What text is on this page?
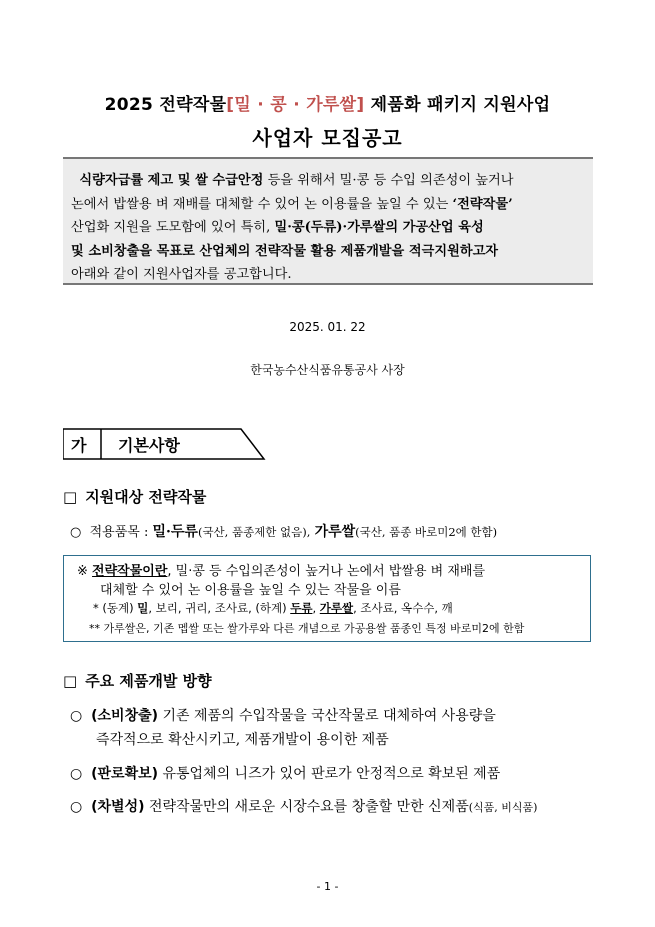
2025 전략작물[밀 · 콩 · 가루쌀] 제품화 패키지 지원사업
사업자 모집공고
식량자급률 제고 및 쌀 수급안정 등을 위해서 밀·콩 등 수입 의존성이 높거나
논에서 밥쌀용 벼 재배를 대체할 수 있어 논 이용률을 높일 수 있는 ‘전략작물’
산업화 지원을 도모함에 있어 특히, 밀·콩(두류)·가루쌀의 가공산업 육성
및 소비창출을 목표로 산업체의 전략작물 활용 제품개발을 적극지원하고자
아래와 같이 지원사업자를 공고합니다.
2025. 01. 22
한국농수산식품유통공사 사장
가 기본사항
□ 지원대상 전략작물
○ 적용품목 : 밀·두류(국산, 품종제한 없음), 가루쌀(국산, 품종 바로미2에 한함)
※ 전략작물이란, 밀·콩 등 수입의존성이 높거나 논에서 밥쌀용 벼 재배를
대체할 수 있어 논 이용률을 높일 수 있는 작물을 이름
* (동계) 밀, 보리, 귀리, 조사료, (하계) 두류, 가루쌀, 조사료, 옥수수, 깨
** 가루쌀은, 기존 멥쌀 또는 쌀가루와 다른 개념으로 가공용쌀 품종인 특정 바로미2에 한함
□ 주요 제품개발 방향
○ (소비창출) 기존 제품의 수입작물을 국산작물로 대체하여 사용량을
즉각적으로 확산시키고, 제품개발이 용이한 제품
○ (판로확보) 유통업체의 니즈가 있어 판로가 안정적으로 확보된 제품
○ (차별성) 전략작물만의 새로운 시장수요를 창출할 만한 신제품(식품, 비식품)
- 1 -
